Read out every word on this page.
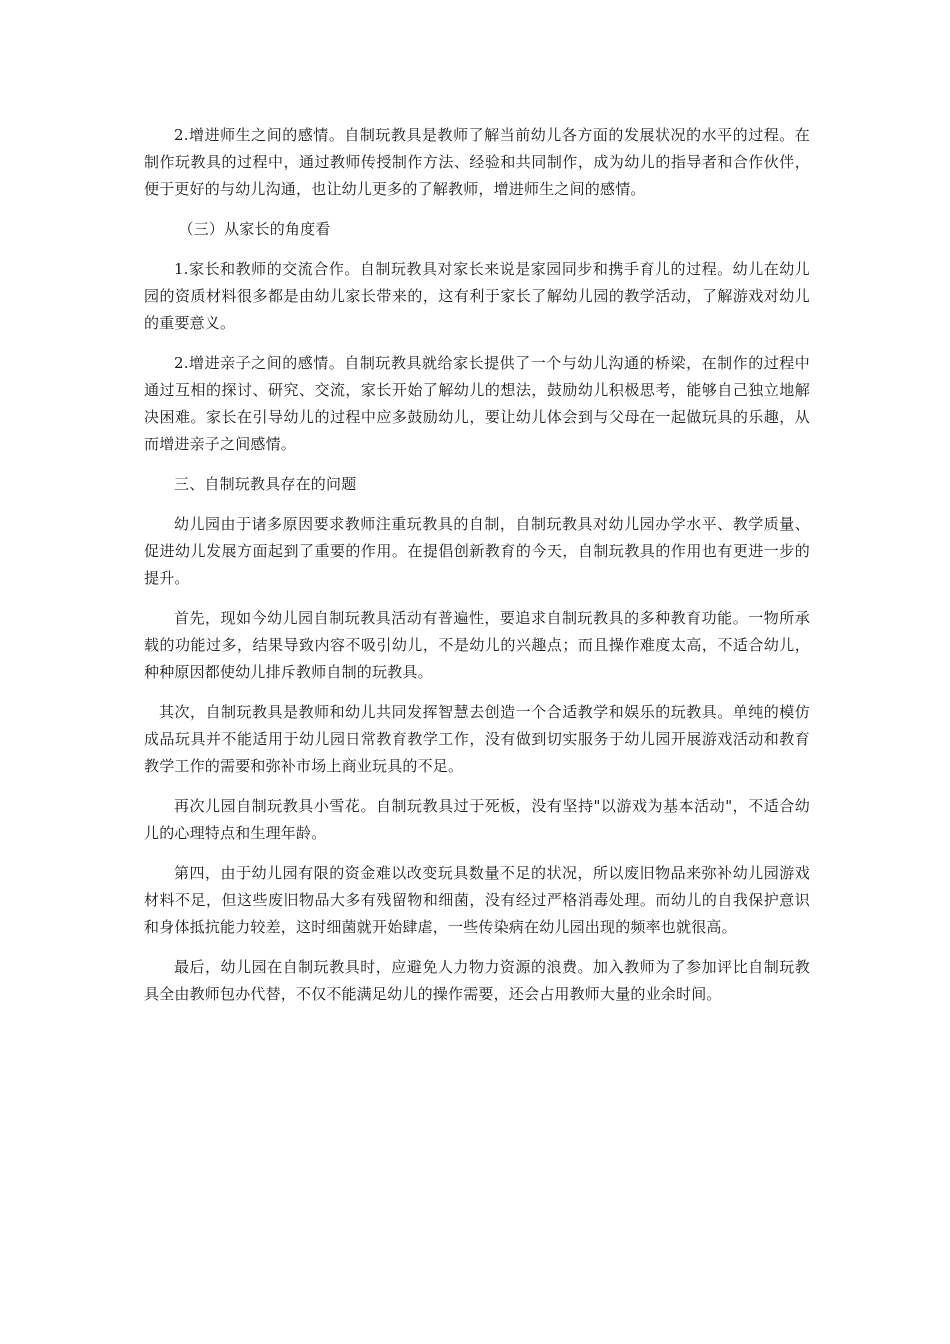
2.增进师生之间的感情。自制玩教具是教师了解当前幼儿各方面的发展状况的水平的过程。在制作玩教具的过程中，通过教师传授制作方法、经验和共同制作，成为幼儿的指导者和合作伙伴，便于更好的与幼儿沟通，也让幼儿更多的了解教师，增进师生之间的感情。

（三）从家长的角度看

1.家长和教师的交流合作。自制玩教具对家长来说是家园同步和携手育儿的过程。幼儿在幼儿园的资质材料很多都是由幼儿家长带来的，这有利于家长了解幼儿园的教学活动，了解游戏对幼儿的重要意义。

2.增进亲子之间的感情。自制玩教具就给家长提供了一个与幼儿沟通的桥梁，在制作的过程中通过互相的探讨、研究、交流，家长开始了解幼儿的想法，鼓励幼儿积极思考，能够自己独立地解决困难。家长在引导幼儿的过程中应多鼓励幼儿，要让幼儿体会到与父母在一起做玩具的乐趣，从而增进亲子之间感情。

三、自制玩教具存在的问题

幼儿园由于诸多原因要求教师注重玩教具的自制，自制玩教具对幼儿园办学水平、教学质量、促进幼儿发展方面起到了重要的作用。在提倡创新教育的今天，自制玩教具的作用也有更进一步的提升。

首先，现如今幼儿园自制玩教具活动有普遍性，要追求自制玩教具的多种教育功能。一物所承载的功能过多，结果导致内容不吸引幼儿，不是幼儿的兴趣点；而且操作难度太高，不适合幼儿，种种原因都使幼儿排斥教师自制的玩教具。

其次，自制玩教具是教师和幼儿共同发挥智慧去创造一个合适教学和娱乐的玩教具。单纯的模仿成品玩具并不能适用于幼儿园日常教育教学工作，没有做到切实服务于幼儿园开展游戏活动和教育教学工作的需要和弥补市场上商业玩具的不足。

再次儿园自制玩教具小雪花。自制玩教具过于死板，没有坚持"以游戏为基本活动"，不适合幼儿的心理特点和生理年龄。

第四，由于幼儿园有限的资金难以改变玩具数量不足的状况，所以废旧物品来弥补幼儿园游戏材料不足，但这些废旧物品大多有残留物和细菌，没有经过严格消毒处理。而幼儿的自我保护意识和身体抵抗能力较差，这时细菌就开始肆虐，一些传染病在幼儿园出现的频率也就很高。

最后，幼儿园在自制玩教具时，应避免人力物力资源的浪费。加入教师为了参加评比自制玩教具全由教师包办代替，不仅不能满足幼儿的操作需要，还会占用教师大量的业余时间。
